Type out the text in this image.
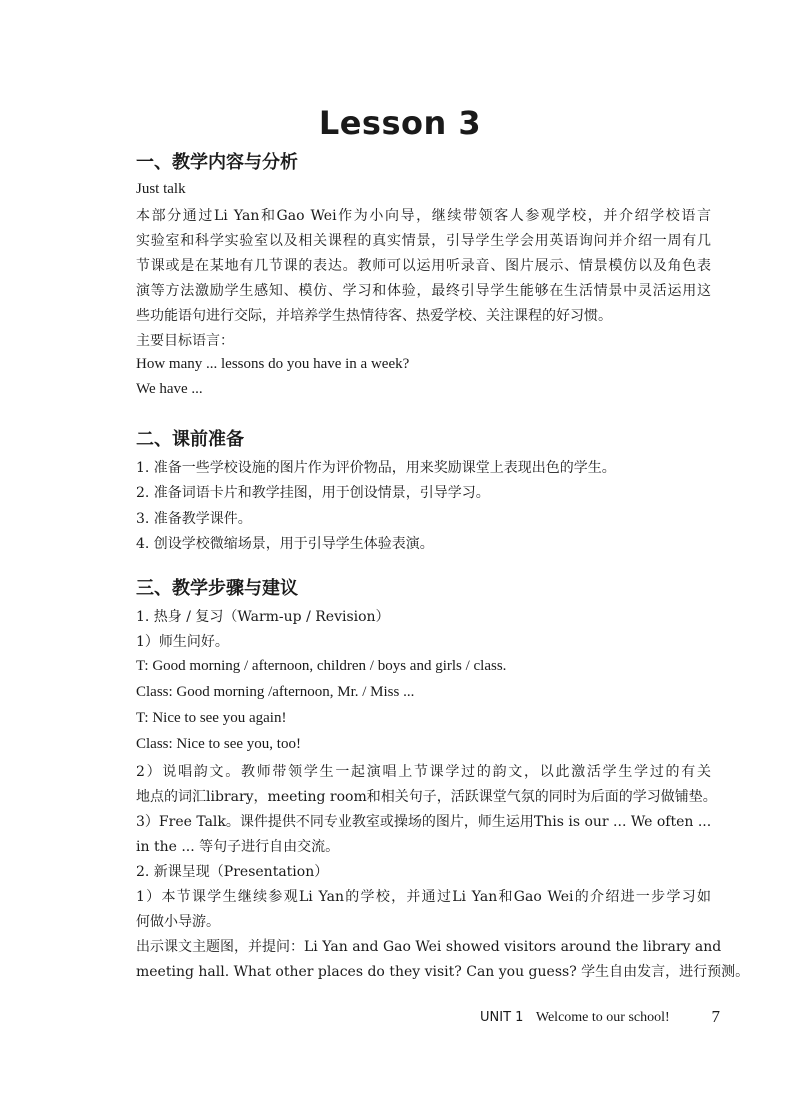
Lesson 3
一、教学内容与分析
Just talk
本部分通过Li Yan和Gao Wei作为小向导，继续带领客人参观学校，并介绍学校语言
实验室和科学实验室以及相关课程的真实情景，引导学生学会用英语询问并介绍一周有几
节课或是在某地有几节课的表达。教师可以运用听录音、图片展示、情景模仿以及角色表
演等方法激励学生感知、模仿、学习和体验，最终引导学生能够在生活情景中灵活运用这
些功能语句进行交际，并培养学生热情待客、热爱学校、关注课程的好习惯。
主要目标语言：
How many ... lessons do you have in a week?
We have ...
二、课前准备
1. 准备一些学校设施的图片作为评价物品，用来奖励课堂上表现出色的学生。
2. 准备词语卡片和教学挂图，用于创设情景，引导学习。
3. 准备教学课件。
4. 创设学校微缩场景，用于引导学生体验表演。
三、教学步骤与建议
1. 热身 / 复习（Warm-up / Revision）
1）师生问好。
T: Good morning / afternoon, children / boys and girls / class.
Class: Good morning /afternoon, Mr. / Miss ...
T: Nice to see you again!
Class: Nice to see you, too!

2）说唱韵文。教师带领学生一起演唱上节课学过的韵文，以此激活学生学过的有关
地点的词汇library，meeting room和相关句子，活跃课堂气氛的同时为后面的学习做铺垫。
3）Free Talk。课件提供不同专业教室或操场的图片，师生运用This is our ... We often ...
in the ... 等句子进行自由交流。
2. 新课呈现（Presentation）
1）本节课学生继续参观Li Yan的学校，并通过Li Yan和Gao Wei的介绍进一步学习如
何做小导游。
出示课文主题图，并提问：Li Yan and Gao Wei showed visitors around the library and
meeting hall. What other places do they visit? Can you guess? 学生自由发言，进行预测。
UNIT 1 Welcome to our school! 7
